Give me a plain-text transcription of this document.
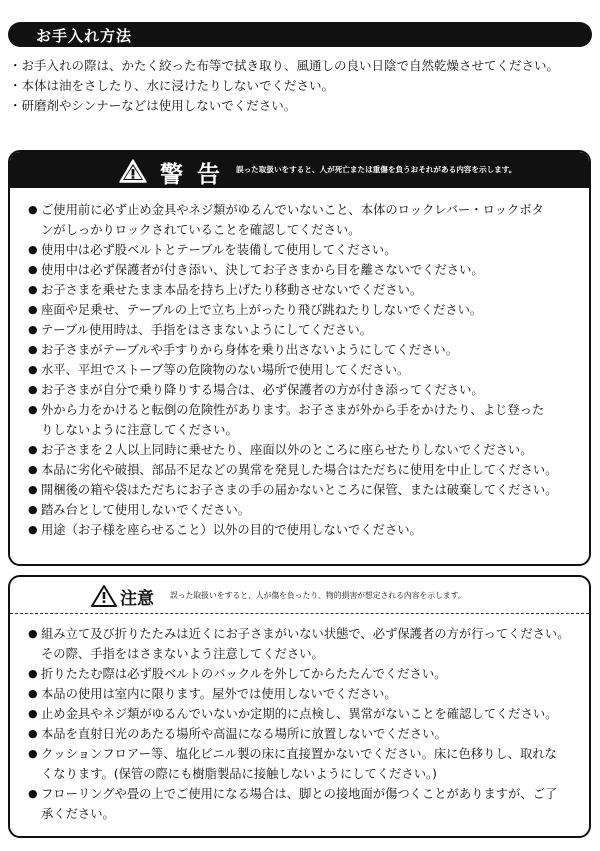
お手入れ方法
・お手入れの際は、かたく絞った布等で拭き取り、風通しの良い日陰で自然乾燥させてください。
・本体は油をさしたり、水に浸けたりしないでください。
・研磨剤やシンナーなどは使用しないでください。
警告 誤った取扱いをすると、人が死亡または重傷を負うおそれがある内容を示します。
● ご使用前に必ず止め金具やネジ類がゆるんでいないこと、本体のロックレバー・ロックボタ
ンがしっかりロックされていることを確認してください。
● 使用中は必ず股ベルトとテーブルを装備して使用してください。
● 使用中は必ず保護者が付き添い、決してお子さまから目を離さないでください。
● お子さまを乗せたまま本品を持ち上げたり移動させないでください。
● 座面や足乗せ、テーブルの上で立ち上がったり飛び跳ねたりしないでください。
● テーブル使用時は、手指をはさまないようにしてください。
● お子さまがテーブルや手すりから身体を乗り出さないようにしてください。
● 水平、平坦でストーブ等の危険物のない場所で使用してください。
● お子さまが自分で乗り降りする場合は、必ず保護者の方が付き添ってください。
● 外から力をかけると転倒の危険性があります。お子さまが外から手をかけたり、よじ登った
りしないように注意してください。
● お子さまを２人以上同時に乗せたり、座面以外のところに座らせたりしないでください。
● 本品に劣化や破損、部品不足などの異常を発見した場合はただちに使用を中止してください。
● 開梱後の箱や袋はただちにお子さまの手の届かないところに保管、または破棄してください。
● 踏み台として使用しないでください。
● 用途（お子様を座らせること）以外の目的で使用しないでください。
注意 誤った取扱いをすると、人が傷を負ったり、物的損害が想定される内容を示します。
● 組み立て及び折りたたみは近くにお子さまがいない状態で、必ず保護者の方が行ってください。
その際、手指をはさまないよう注意してください。
● 折りたたむ際は必ず股ベルトのバックルを外してからたたんでください。
● 本品の使用は室内に限ります。屋外では使用しないでください。
● 止め金具やネジ類がゆるんでいないか定期的に点検し、異常がないことを確認してください。
● 本品を直射日光のあたる場所や高温になる場所に放置しないでください。
● クッションフロアー等、塩化ビニル製の床に直接置かないでください。床に色移りし、取れな
くなります。(保管の際にも樹脂製品に接触しないようにしてください。)
● フローリングや畳の上でご使用になる場合は、脚との接地面が傷つくことがありますが、ご了
承ください。
